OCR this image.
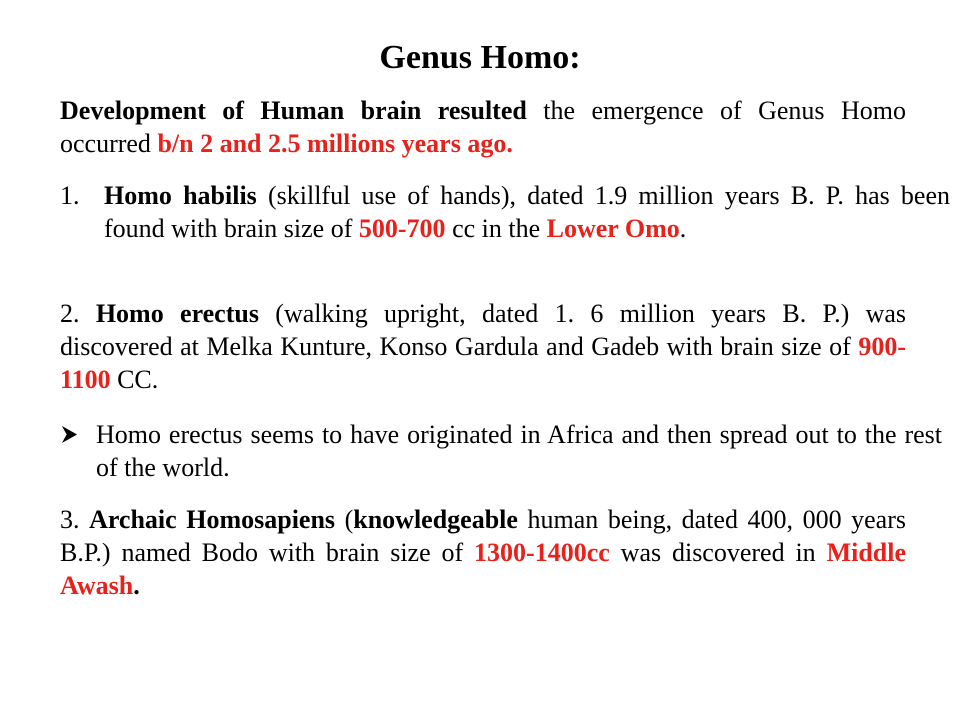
Genus Homo:
Development of Human brain resulted the emergence of Genus Homo occurred b/n 2 and 2.5 millions years ago.
1. Homo habilis (skillful use of hands), dated 1.9 million years B. P. has been found with brain size of 500-700 cc in the Lower Omo.
2. Homo erectus (walking upright, dated 1. 6 million years B. P.) was discovered at Melka Kunture, Konso Gardula and Gadeb with brain size of 900-1100 CC.
Homo erectus seems to have originated in Africa and then spread out to the rest of the world.
3. Archaic Homosapiens (knowledgeable human being, dated 400, 000 years B.P.) named Bodo with brain size of 1300-1400cc was discovered in Middle Awash.
